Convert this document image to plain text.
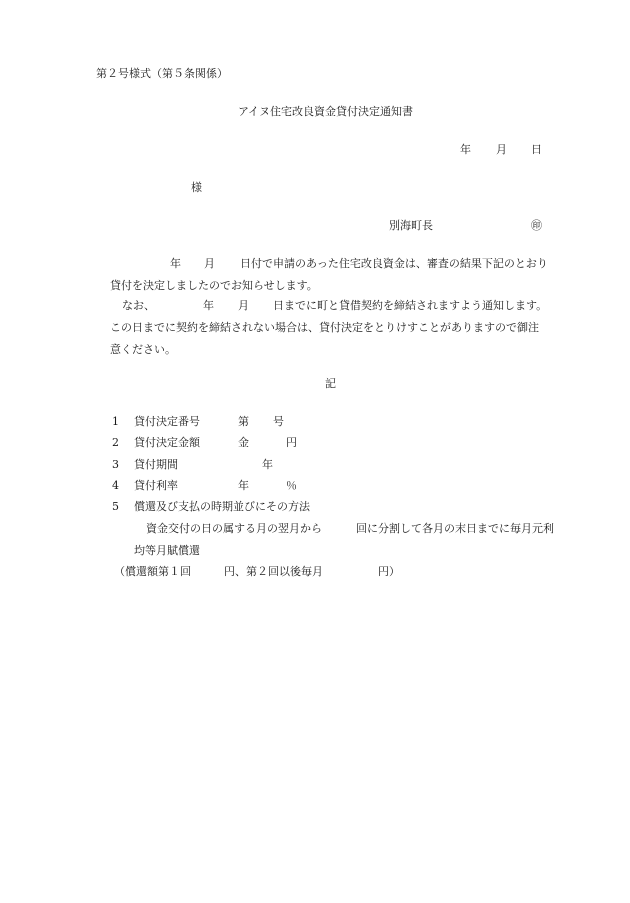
第２号様式（第５条関係）
アイヌ住宅改良資金貸付決定通知書
年 月 日
様
別海町長	㊞
年 月 日付で申請のあった住宅改良資金は、審査の結果下記のとおり
貸付を決定しましたのでお知らせします。
なお、	年 月 日までに町と貸借契約を締結されますよう通知します。
この日までに契約を締結されない場合は、貸付決定をとりけすことがありますので御注
意ください。
記
1 貸付決定番号	第 号
2 貸付決定金額	金	円
3 貸付期間	年
4 貸付利率	年	％
5 償還及び支払の時期並びにその方法
資金交付の日の属する月の翌月から	回に分割して各月の末日までに毎月元利
均等月賦償還
（償還額第１回	円、第２回以後毎月	円）
